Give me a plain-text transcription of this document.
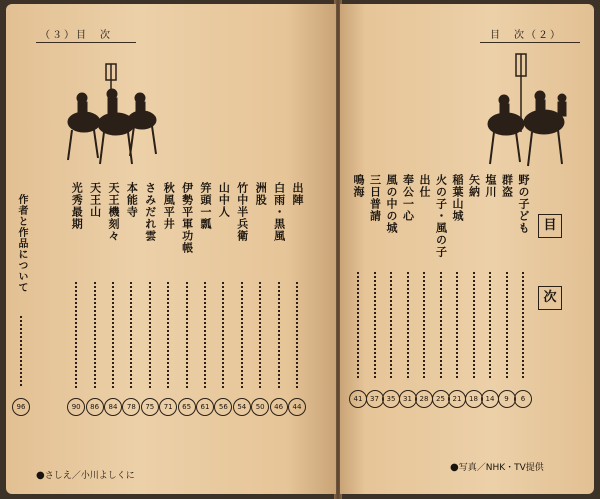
（３）目　次
出陣
白雨・黒風
洲股
竹中半兵衛
山中人
笄頭一瓢
伊勢平軍功帳
秋風平井
さみだれ雲
本能寺
天王機刻々
天王山
光秀最期
44
46
50
54
56
61
65
71
75
78
84
86
90
作者と作品について
96
●さしえ／小川よしくに
目　次（２）
目
次
野の子ども
群盗
塩川
矢納
稲葉山城
火の子・風の子
出仕
奉公一心
風の中の城
三日普請
鳴海
6
9
14
18
21
25
28
31
35
37
41
●写真／NHK・TV提供
